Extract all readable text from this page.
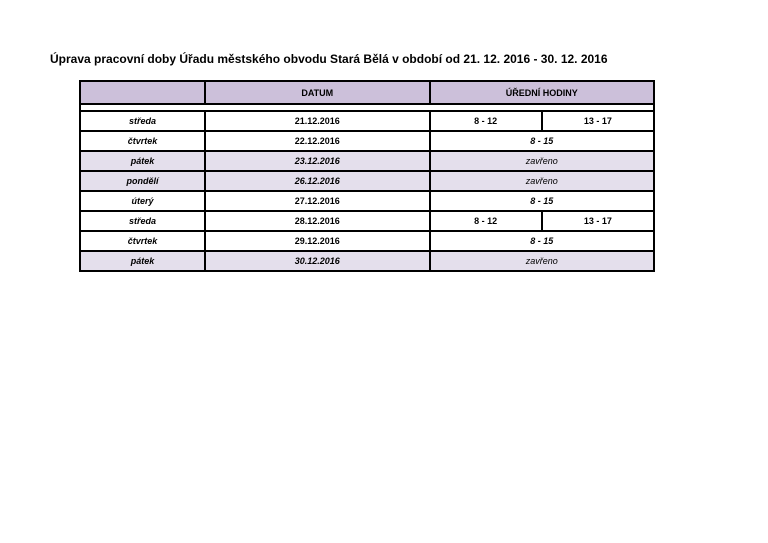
Úprava pracovní doby Úřadu městského obvodu Stará Bělá v období od 21. 12. 2016 - 30. 12. 2016
	DATUM	ÚŘEDNÍ HODINY	

středa	21.12.2016	8 - 12	13 - 17
čtvrtek	22.12.2016	8 - 15	
pátek	23.12.2016	zavřeno	
pondělí	26.12.2016	zavřeno	
úterý	27.12.2016	8 - 15	
středa	28.12.2016	8 - 12	13 - 17
čtvrtek	29.12.2016	8 - 15	
pátek	30.12.2016	zavřeno	
